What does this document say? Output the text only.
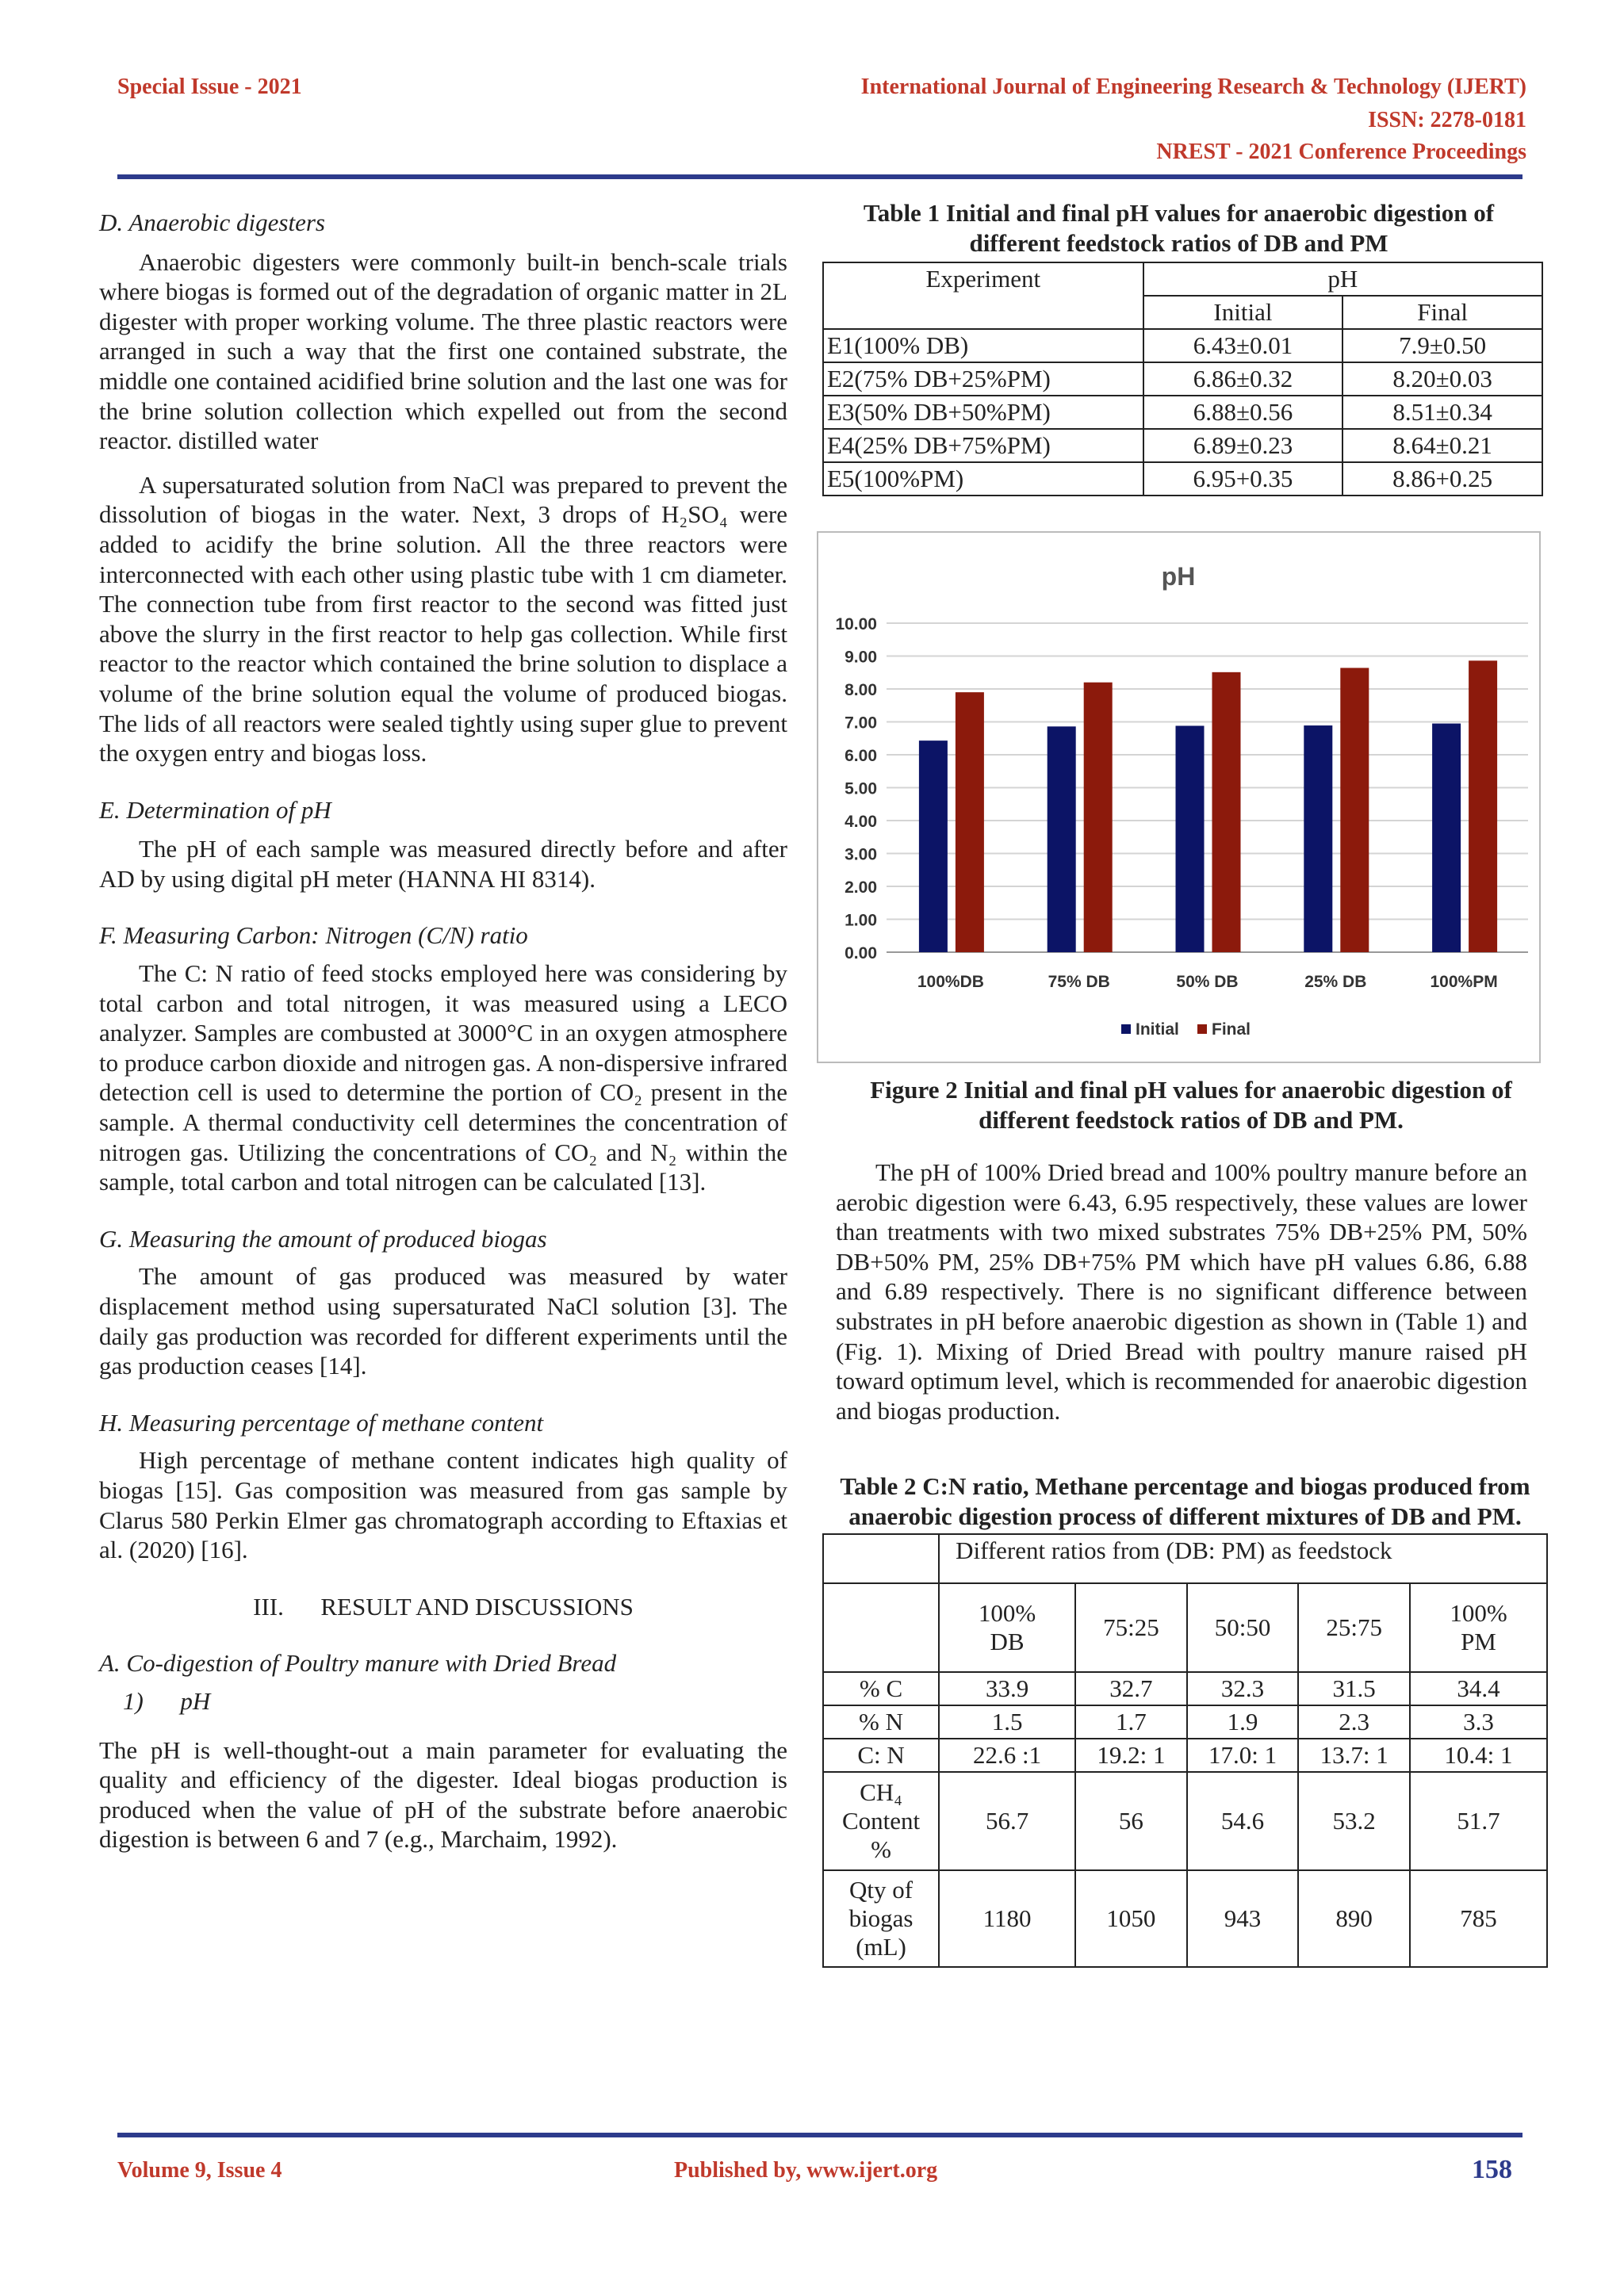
Special Issue - 2021	International Journal of Engineering Research & Technology (IJERT)
ISSN: 2278-0181
NREST - 2021 Conference Proceedings
D. Anaerobic digesters

Anaerobic digesters were commonly built-in bench-scale trials where biogas is formed out of the degradation of organic matter in 2L digester with proper working volume. The three plastic reactors were arranged in such a way that the first one contained substrate, the middle one contained acidified brine solution and the last one was for the brine solution collection which expelled out from the second reactor. distilled water

A supersaturated solution from NaCl was prepared to prevent the dissolution of biogas in the water. Next, 3 drops of H₂SO₄ were added to acidify the brine solution. All the three reactors were interconnected with each other using plastic tube with 1 cm diameter. The connection tube from first reactor to the second was fitted just above the slurry in the first reactor to help gas collection. While first reactor to the reactor which contained the brine solution to displace a volume of the brine solution equal the volume of produced biogas. The lids of all reactors were sealed tightly using super glue to prevent the oxygen entry and biogas loss.

E. Determination of pH

The pH of each sample was measured directly before and after AD by using digital pH meter (HANNA HI 8314).

F. Measuring Carbon: Nitrogen (C/N) ratio

The C: N ratio of feed stocks employed here was considering by total carbon and total nitrogen, it was measured using a LECO analyzer. Samples are combusted at 3000°C in an oxygen atmosphere to produce carbon dioxide and nitrogen gas. A non-dispersive infrared detection cell is used to determine the portion of CO₂ present in the sample. A thermal conductivity cell determines the concentration of nitrogen gas. Utilizing the concentrations of CO₂ and N₂ within the sample, total carbon and total nitrogen can be calculated [13].

G. Measuring the amount of produced biogas

The amount of gas produced was measured by water displacement method using supersaturated NaCl solution [3]. The daily gas production was recorded for different experiments until the gas production ceases [14].

H. Measuring percentage of methane content

High percentage of methane content indicates high quality of biogas [15]. Gas composition was measured from gas sample by Clarus 580 Perkin Elmer gas chromatograph according to Eftaxias et al. (2020) [16].

III.      RESULT AND DISCUSSIONS
A. Co-digestion of Poultry manure with Dried Bread
1)      pH

The pH is well-thought-out a main parameter for evaluating the quality and efficiency of the digester. Ideal biogas production is produced when the value of pH of the substrate before anaerobic digestion is between 6 and 7 (e.g., Marchaim, 1992).

Table 1 Initial and final pH values for anaerobic digestion of different feedstock ratios of DB and PM
Experiment	pH	
	Initial	Final
E1(100% DB)	6.43±0.01	7.9±0.50
E2(75% DB+25%PM)	6.86±0.32	8.20±0.03
E3(50% DB+50%PM)	6.88±0.56	8.51±0.34
E4(25% DB+75%PM)	6.89±0.23	8.64±0.21
E5(100%PM)	6.95+0.35	8.86+0.25
pH
0.00
1.00
2.00
3.00
4.00
5.00
6.00
7.00
8.00
9.00
10.00
100%DB	75% DB	50% DB	25% DB	100%PM
Initial Final
Figure 2 Initial and final pH values for anaerobic digestion of different feedstock ratios of DB and PM.

The pH of 100% Dried bread and 100% poultry manure before an aerobic digestion were 6.43, 6.95 respectively, these values are lower than treatments with two mixed substrates 75% DB+25% PM, 50% DB+50% PM, 25% DB+75% PM which have pH values 6.86, 6.88 and 6.89 respectively. There is no significant difference between substrates in pH before anaerobic digestion as shown in (Table 1) and (Fig. 1). Mixing of Dried Bread with poultry manure raised pH toward optimum level, which is recommended for anaerobic digestion and biogas production.

Table 2 C:N ratio, Methane percentage and biogas produced from anaerobic digestion process of different mixtures of DB and PM.
	Different ratios from (DB: PM) as feedstock				
	100% DB	75:25	50:50	25:75	100% PM
% C	33.9	32.7	32.3	31.5	34.4
% N	1.5	1.7	1.9	2.3	3.3
C: N	22.6 :1	19.2: 1	17.0: 1	13.7: 1	10.4: 1
CH₄ Content %	56.7	56	54.6	53.2	51.7
Qty of biogas (mL)	1180	1050	943	890	785
Volume 9, Issue 4	Published by, www.ijert.org	158
